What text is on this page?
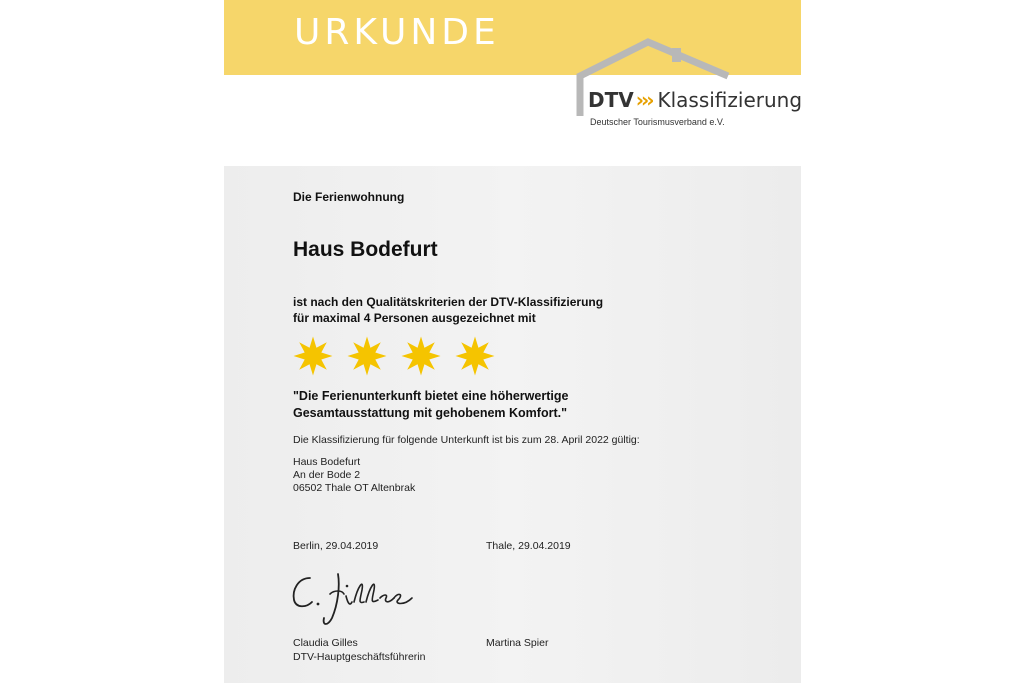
URKUNDE
DTV ››› Klassifizierung
Deutscher Tourismusverband e.V.
Die Ferienwohnung
Haus Bodefurt
ist nach den Qualitätskriterien der DTV-Klassifizierung
für maximal 4 Personen ausgezeichnet mit
"Die Ferienunterkunft bietet eine höherwertige
Gesamtausstattung mit gehobenem Komfort."
Die Klassifizierung für folgende Unterkunft ist bis zum 28. April 2022 gültig:
Haus Bodefurt
An der Bode 2
06502 Thale OT Altenbrak
Berlin, 29.04.2019	Thale, 29.04.2019
Claudia Gilles
DTV-Hauptgeschäftsführerin
Martina Spier
